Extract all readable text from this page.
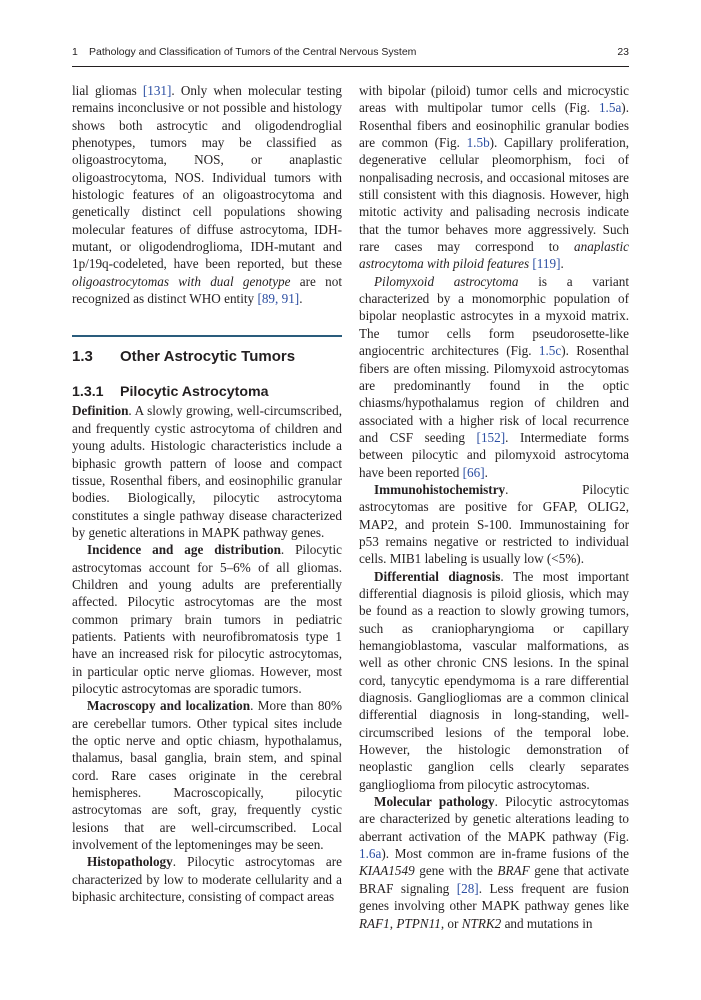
1 Pathology and Classification of Tumors of the Central Nervous System	23

lial gliomas [131]. Only when molecular testing remains inconclusive or not possible and histology shows both astrocytic and oligodendroglial phenotypes, tumors may be classified as oligoastrocytoma, NOS, or anaplastic oligoastrocytoma, NOS. Individual tumors with histologic features of an oligoastrocytoma and genetically distinct cell populations showing molecular features of diffuse astrocytoma, IDH-mutant, or oligodendroglioma, IDH-mutant and 1p/19q-codeleted, have been reported, but these oligoastrocytomas with dual genotype are not recognized as distinct WHO entity [89, 91].

1.3 Other Astrocytic Tumors
1.3.1 Pilocytic Astrocytoma

Definition. A slowly growing, well-circumscribed, and frequently cystic astrocytoma of children and young adults. Histologic characteristics include a biphasic growth pattern of loose and compact tissue, Rosenthal fibers, and eosinophilic granular bodies. Biologically, pilocytic astrocytoma constitutes a single pathway disease characterized by genetic alterations in MAPK pathway genes.

Incidence and age distribution. Pilocytic astrocytomas account for 5–6% of all gliomas. Children and young adults are preferentially affected. Pilocytic astrocytomas are the most common primary brain tumors in pediatric patients. Patients with neurofibromatosis type 1 have an increased risk for pilocytic astrocytomas, in particular optic nerve gliomas. However, most pilocytic astrocytomas are sporadic tumors.

Macroscopy and localization. More than 80% are cerebellar tumors. Other typical sites include the optic nerve and optic chiasm, hypothalamus, thalamus, basal ganglia, brain stem, and spinal cord. Rare cases originate in the cerebral hemispheres. Macroscopically, pilocytic astrocytomas are soft, gray, frequently cystic lesions that are well-circumscribed. Local involvement of the leptomeninges may be seen.

Histopathology. Pilocytic astrocytomas are characterized by low to moderate cellularity and a biphasic architecture, consisting of compact areas

with bipolar (piloid) tumor cells and microcystic areas with multipolar tumor cells (Fig. 1.5a). Rosenthal fibers and eosinophilic granular bodies are common (Fig. 1.5b). Capillary proliferation, degenerative cellular pleomorphism, foci of nonpalisading necrosis, and occasional mitoses are still consistent with this diagnosis. However, high mitotic activity and palisading necrosis indicate that the tumor behaves more aggressively. Such rare cases may correspond to anaplastic astrocytoma with piloid features [119].

Pilomyxoid astrocytoma is a variant characterized by a monomorphic population of bipolar neoplastic astrocytes in a myxoid matrix. The tumor cells form pseudorosette-like angiocentric architectures (Fig. 1.5c). Rosenthal fibers are often missing. Pilomyxoid astrocytomas are predominantly found in the optic chiasms/hypothalamus region of children and associated with a higher risk of local recurrence and CSF seeding [152]. Intermediate forms between pilocytic and pilomyxoid astrocytoma have been reported [66].

Immunohistochemistry. Pilocytic astrocytomas are positive for GFAP, OLIG2, MAP2, and protein S-100. Immunostaining for p53 remains negative or restricted to individual cells. MIB1 labeling is usually low (<5%).

Differential diagnosis. The most important differential diagnosis is piloid gliosis, which may be found as a reaction to slowly growing tumors, such as craniopharyngioma or capillary hemangioblastoma, vascular malformations, as well as other chronic CNS lesions. In the spinal cord, tanycytic ependymoma is a rare differential diagnosis. Gangliogliomas are a common clinical differential diagnosis in long-standing, well-circumscribed lesions of the temporal lobe. However, the histologic demonstration of neoplastic ganglion cells clearly separates ganglioglioma from pilocytic astrocytomas.

Molecular pathology. Pilocytic astrocytomas are characterized by genetic alterations leading to aberrant activation of the MAPK pathway (Fig. 1.6a). Most common are in-frame fusions of the KIAA1549 gene with the BRAF gene that activate BRAF signaling [28]. Less frequent are fusion genes involving other MAPK pathway genes like RAF1, PTPN11, or NTRK2 and mutations in
